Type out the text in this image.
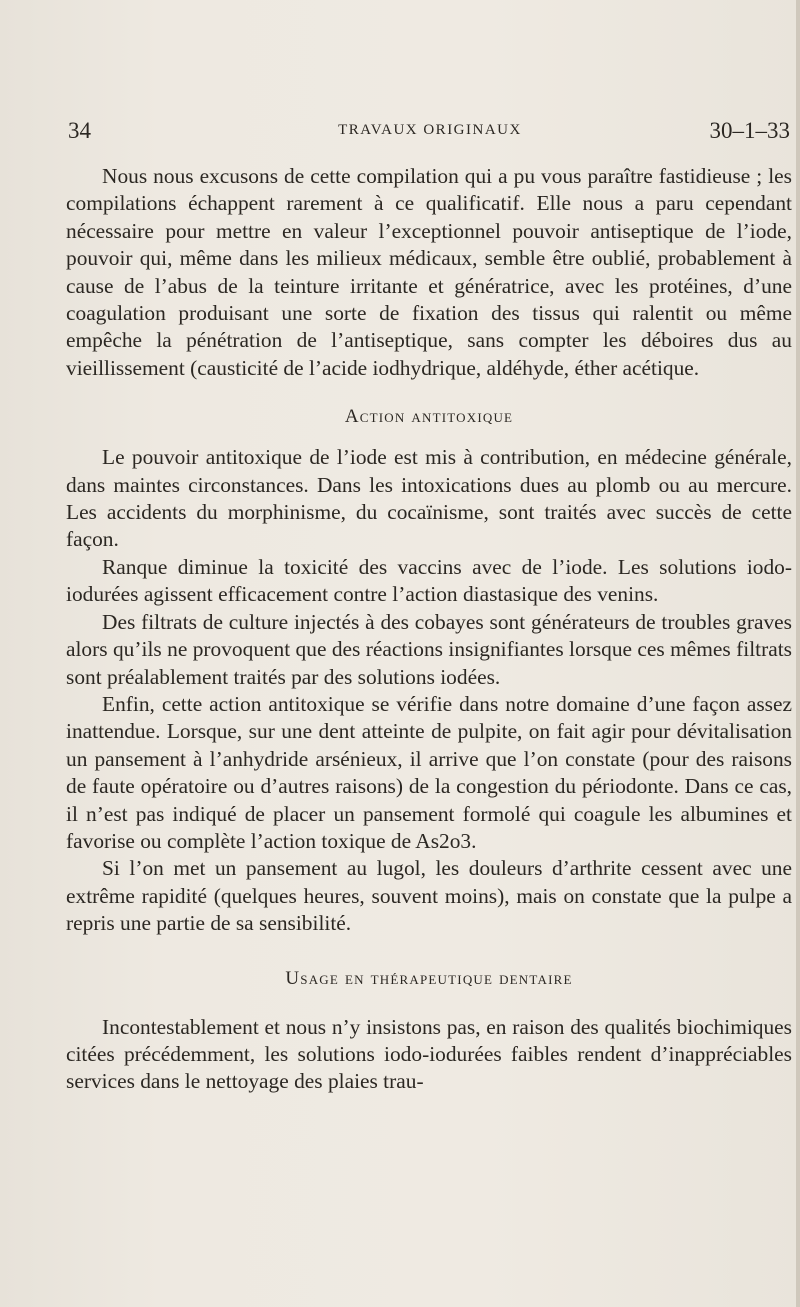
34	TRAVAUX ORIGINAUX	30–1–33

Nous nous excusons de cette compilation qui a pu vous paraître fastidieuse ; les compilations échappent rarement à ce qualificatif. Elle nous a paru cependant nécessaire pour mettre en valeur l’exceptionnel pouvoir antiseptique de l’iode, pouvoir qui, même dans les milieux médicaux, semble être oublié, probablement à cause de l’abus de la teinture irritante et génératrice, avec les protéines, d’une coagulation produisant une sorte de fixation des tissus qui ralentit ou même empêche la pénétration de l’antiseptique, sans compter les déboires dus au vieillissement (causticité de l’acide iodhydrique, aldéhyde, éther acétique.

Action antitoxique

Le pouvoir antitoxique de l’iode est mis à contribution, en médecine générale, dans maintes circonstances. Dans les intoxications dues au plomb ou au mercure. Les accidents du morphinisme, du cocaïnisme, sont traités avec succès de cette façon.

Ranque diminue la toxicité des vaccins avec de l’iode. Les solutions iodo-iodurées agissent efficacement contre l’action diastasique des venins.

Des filtrats de culture injectés à des cobayes sont générateurs de troubles graves alors qu’ils ne provoquent que des réactions insignifiantes lorsque ces mêmes filtrats sont préalablement traités par des solutions iodées.

Enfin, cette action antitoxique se vérifie dans notre domaine d’une façon assez inattendue. Lorsque, sur une dent atteinte de pulpite, on fait agir pour dévitalisation un pansement à l’anhydride arsénieux, il arrive que l’on constate (pour des raisons de faute opératoire ou d’autres raisons) de la congestion du périodonte. Dans ce cas, il n’est pas indiqué de placer un pansement formolé qui coagule les albumines et favorise ou complète l’action toxique de As2o3.

Si l’on met un pansement au lugol, les douleurs d’arthrite cessent avec une extrême rapidité (quelques heures, souvent moins), mais on constate que la pulpe a repris une partie de sa sensibilité.

Usage en thérapeutique dentaire

Incontestablement et nous n’y insistons pas, en raison des qualités biochimiques citées précédemment, les solutions iodo-iodurées faibles rendent d’inappréciables services dans le nettoyage des plaies trau-
